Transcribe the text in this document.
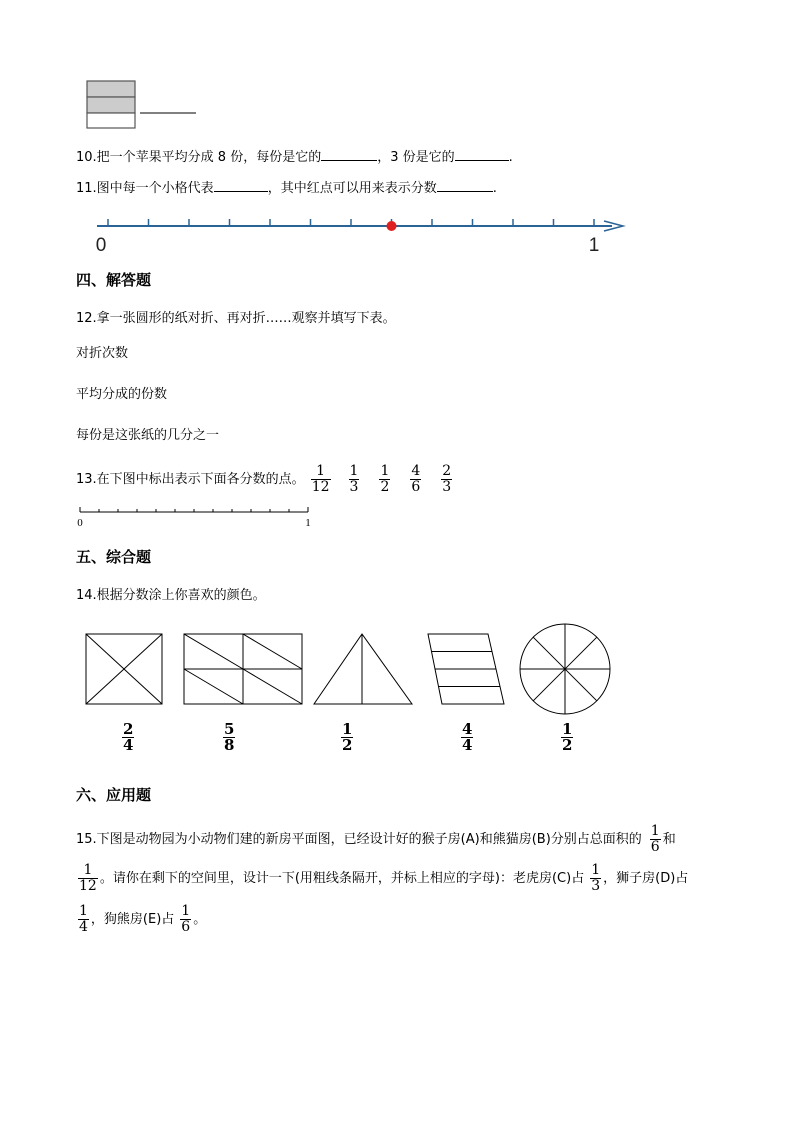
10.把一个苹果平均分成 8 份，每份是它的	，3 份是它的	.
11.图中每一个小格代表	，其中红点可以用来表示分数	.
0	1
四、解答题
12.拿一张圆形的纸对折、再对折……观察并填写下表。
对折次数
平均分成的份数
每份是这张纸的几分之一
13.在下图中标出表示下面各分数的点。 $\frac{1}{12} \frac{1}{3} \frac{1}{2} \frac{4}{6} \frac{2}{3}$
0	1
五、综合题
14.根据分数涂上你喜欢的颜色。
$\frac{2}{4}$	$\frac{5}{8}$	$\frac{1}{2}$	$\frac{4}{4}$	$\frac{1}{2}$
六、应用题
15.下图是动物园为小动物们建的新房平面图，已经设计好的猴子房(A)和熊猫房(B)分别占总面积的 $\frac{1}{6}$ 和
$\frac{1}{12}$ 。请你在剩下的空间里，设计一下(用粗线条隔开，并标上相应的字母)：老虎房(C)占 $\frac{1}{3}$ ，狮子房(D)占
$\frac{1}{4}$ ，狗熊房(E)占 $\frac{1}{6}$ 。
